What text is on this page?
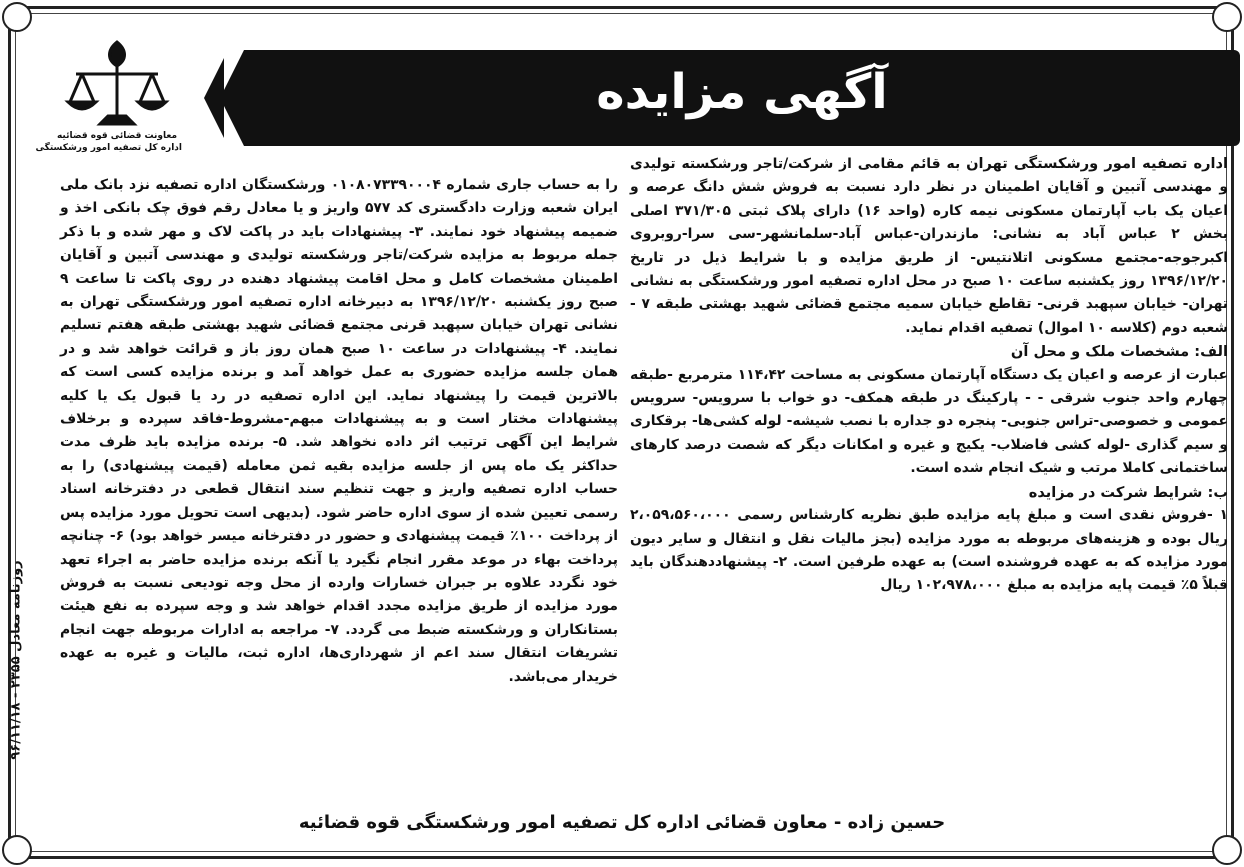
آگهی مزایده
معاونت قضائی قوه قضائیه
اداره کل تصفیه امور ورشکستگی
روزنامه معادل ۲۳۵۵ - ۹۶/۱۱/۱۸

اداره تصفیه امور ورشکستگی تهران به قائم مقامی از شرکت/تاجر ورشکسته تولیدی و مهندسی آتبین و آقایان اطمینان در نظر دارد نسبت به فروش شش دانگ عرصه و اعیان یک باب آپارتمان مسکونی نیمه کاره (واحد ۱۶) دارای پلاک ثبتی ۳۷۱/۳۰۵ اصلی بخش ۲ عباس آباد به نشانی: مازندران-عباس آباد-سلمانشهر-سی سرا-روبروی اکبرجوجه-مجتمع مسکونی اتلانتیس- از طریق مزایده و با شرایط ذیل در تاریخ ۱۳۹۶/۱۲/۲۰ روز یکشنبه ساعت ۱۰ صبح در محل اداره تصفیه امور ورشکستگی به نشانی تهران- خیابان سپهبد قرنی- تقاطع خیابان سمیه مجتمع قضائی شهید بهشتی طبقه ۷ - شعبه دوم (کلاسه ۱۰ اموال) تصفیه اقدام نماید.

الف: مشخصات ملک و محل آن

عبارت از عرصه و اعیان یک دستگاه آپارتمان مسکونی به مساحت ۱۱۴،۴۲ مترمربع -طبقه چهارم واحد جنوب شرقی - - پارکینگ در طبقه همکف- دو خواب با سرویس- سرویس عمومی و خصوصی-تراس جنوبی- پنجره دو جداره با نصب شیشه- لوله کشی‌ها- برقکاری و سیم گذاری -لوله کشی فاضلاب- یکیج و غیره و امکانات دیگر که شصت درصد کارهای ساختمانی کاملا مرتب و شیک انجام شده است.

ب: شرایط شرکت در مزایده

۱ -فروش نقدی است و مبلغ پایه مزایده طبق نظریه کارشناس رسمی ۲،۰۵۹،۵۶۰،۰۰۰ ریال بوده و هزینه‌های مربوطه به مورد مزایده (بجز مالیات نقل و انتقال و سایر دیون مورد مزایده که به عهده فروشنده است) به عهده طرفین است. ۲- پیشنهاددهندگان باید قبلاً ۵٪ قیمت پایه مزایده به مبلغ ۱۰۲،۹۷۸،۰۰۰ ریال

را به حساب جاری شماره ۰۱۰۸۰۷۳۳۹۰۰۰۴ ورشکستگان اداره تصفیه نزد بانک ملی ایران شعبه وزارت دادگستری کد ۵۷۷ واریز و یا معادل رقم فوق چک بانکی اخذ و ضمیمه پیشنهاد خود نمایند. ۳- پیشنهادات باید در پاکت لاک و مهر شده و با ذکر جمله مربوط به مزایده شرکت/تاجر ورشکسته تولیدی و مهندسی آتبین و آقایان اطمینان مشخصات کامل و محل اقامت پیشنهاد دهنده در روی پاکت تا ساعت ۹ صبح روز یکشنبه ۱۳۹۶/۱۲/۲۰ به دبیرخانه اداره تصفیه امور ورشکستگی تهران به نشانی تهران خیابان سپهبد قرنی مجتمع قضائی شهید بهشتی طبقه هفتم تسلیم نمایند. ۴- پیشنهادات در ساعت ۱۰ صبح همان روز باز و قرائت خواهد شد و در همان جلسه مزایده حضوری به عمل خواهد آمد و برنده مزایده کسی است که بالاترین قیمت را پیشنهاد نماید. این اداره تصفیه در رد یا قبول یک یا کلیه پیشنهادات مختار است و به پیشنهادات مبهم-مشروط-فاقد سپرده و برخلاف شرایط این آگهی ترتیب اثر داده نخواهد شد. ۵- برنده مزایده باید ظرف مدت حداکثر یک ماه پس از جلسه مزایده بقیه ثمن معامله (قیمت پیشنهادی) را به حساب اداره تصفیه واریز و جهت تنظیم سند انتقال قطعی در دفترخانه اسناد رسمی تعیین شده از سوی اداره حاضر شود. (بدیهی است تحویل مورد مزایده پس از پرداخت ۱۰۰٪ قیمت پیشنهادی و حضور در دفترخانه میسر خواهد بود) ۶- چنانچه پرداخت بهاء در موعد مقرر انجام نگیرد یا آنکه برنده مزایده حاضر به اجراء تعهد خود نگردد علاوه بر جبران خسارات وارده از محل وجه تودیعی نسبت به فروش مورد مزایده از طریق مزایده مجدد اقدام خواهد شد و وجه سپرده به نفع هیئت بستانکاران و ورشکسته ضبط می گردد. ۷- مراجعه به ادارات مربوطه جهت انجام تشریفات انتقال سند اعم از شهرداری‌ها، اداره ثبت، مالیات و غیره به عهده خریدار می‌باشد.

حسین زاده - معاون قضائی اداره کل تصفیه امور ورشکستگی قوه قضائیه
